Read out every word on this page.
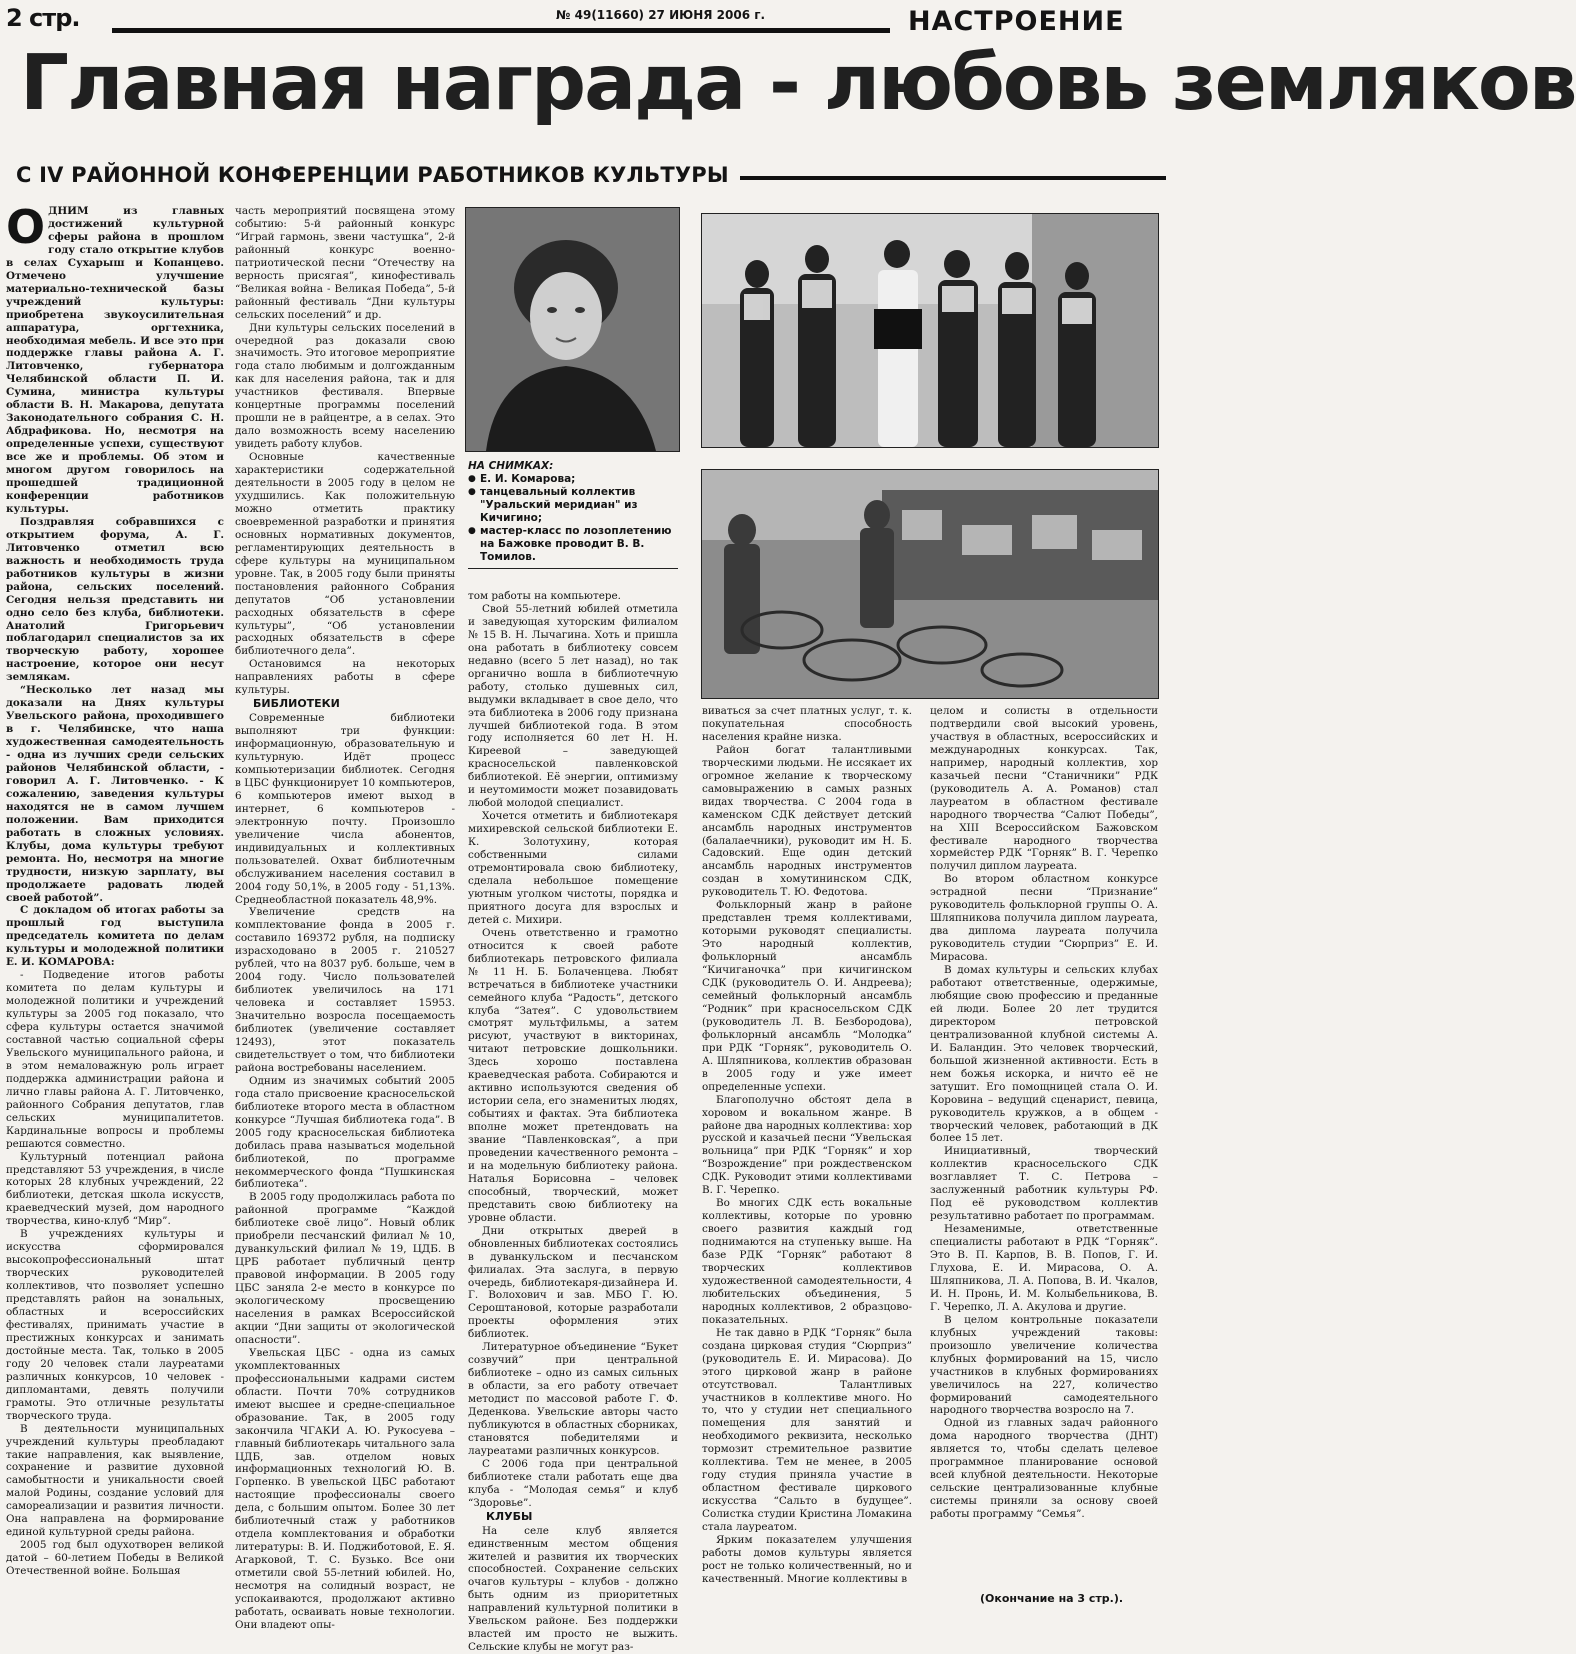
2 стр.	№ 49(11660) 27 ИЮНЯ 2006 г.	НАСТРОЕНИЕ
Главная награда - любовь земляков
С IV РАЙОННОЙ КОНФЕРЕНЦИИ РАБОТНИКОВ КУЛЬТУРЫ

ОДНИМ из главных достижений культурной сферы района в прошлом году стало открытие клубов в селах Сухарыш и Копанцево. Отмечено улучшение материально-технической базы учреждений культуры: приобретена звукоусилительная аппаратура, оргтехника, необходимая мебель. И все это при поддержке главы района А. Г. Литовченко, губернатора Челябинской области П. И. Сумина, министра культуры области В. Н. Макарова, депутата Законодательного собрания С. Н. Абдрафикова. Но, несмотря на определенные успехи, существуют все же и проблемы. Об этом и многом другом говорилось на прошедшей традиционной конференции работников культуры.

Поздравляя собравшихся с открытием форума, А. Г. Литовченко отметил всю важность и необходимость труда работников культуры в жизни района, сельских поселений. Сегодня нельзя представить ни одно село без клуба, библиотеки. Анатолий Григорьевич поблагодарил специалистов за их творческую работу, хорошее настроение, которое они несут землякам.

“Несколько лет назад мы доказали на Днях культуры Увельского района, проходившего в г. Челябинске, что наша художественная самодеятельность - одна из лучших среди сельских районов Челябинской области, - говорил А. Г. Литовченко. - К сожалению, заведения культуры находятся не в самом лучшем положении. Вам приходится работать в сложных условиях. Клубы, дома культуры требуют ремонта. Но, несмотря на многие трудности, низкую зарплату, вы продолжаете радовать людей своей работой”.

С докладом об итогах работы за прошлый год выступила председатель комитета по делам культуры и молодежной политики Е. И. КОМАРОВА:

- Подведение итогов работы комитета по делам культуры и молодежной политики и учреждений культуры за 2005 год показало, что сфера культуры остается значимой составной частью социальной сферы Увельского муниципального района, и в этом немаловажную роль играет поддержка администрации района и лично главы района А. Г. Литовченко, районного Собрания депутатов, глав сельских муниципалитетов. Кардинальные вопросы и проблемы решаются совместно.

Культурный потенциал района представляют 53 учреждения, в числе которых 28 клубных учреждений, 22 библиотеки, детская школа искусств, краеведческий музей, дом народного творчества, кино-клуб “Мир”.

В учреждениях культуры и искусства сформировался высокопрофессиональный штат творческих руководителей коллективов, что позволяет успешно представлять район на зональных, областных и всероссийских фестивалях, принимать участие в престижных конкурсах и занимать достойные места. Так, только в 2005 году 20 человек стали лауреатами различных конкурсов, 10 человек - дипломантами, девять получили грамоты. Это отличные результаты творческого труда.

В деятельности муниципальных учреждений культуры преобладают такие направления, как выявление, сохранение и развитие духовной самобытности и уникальности своей малой Родины, создание условий для самореализации и развития личности. Она направлена на формирование единой культурной среды района.

2005 год был одухотворен великой датой – 60-летием Победы в Великой Отечественной войне. Большая

часть мероприятий посвящена этому событию: 5-й районный конкурс “Играй гармонь, звени частушка”, 2-й районный конкурс военно-патриотической песни “Отечеству на верность присягая”, кинофестиваль “Великая война - Великая Победа”, 5-й районный фестиваль “Дни культуры сельских поселений” и др.

Дни культуры сельских поселений в очередной раз доказали свою значимость. Это итоговое мероприятие года стало любимым и долгожданным как для населения района, так и для участников фестиваля. Впервые концертные программы поселений прошли не в райцентре, а в селах. Это дало возможность всему населению увидеть работу клубов.

Основные качественные характеристики содержательной деятельности в 2005 году в целом не ухудшились. Как положительную можно отметить практику своевременной разработки и принятия основных нормативных документов, регламентирующих деятельность в сфере культуры на муниципальном уровне. Так, в 2005 году были приняты постановления районного Собрания депутатов “Об установлении расходных обязательств в сфере культуры”, “Об установлении расходных обязательств в сфере библиотечного дела”.

Остановимся на некоторых направлениях работы в сфере культуры.

БИБЛИОТЕКИ

Современные библиотеки выполняют три функции: информационную, образовательную и культурную. Идёт процесс компьютеризации библиотек. Сегодня в ЦБС функционирует 10 компьютеров, 6 компьютеров имеют выход в интернет, 6 компьютеров - электронную почту. Произошло увеличение числа абонентов, индивидуальных и коллективных пользователей. Охват библиотечным обслуживанием населения составил в 2004 году 50,1%, в 2005 году - 51,13%. Среднеобластной показатель 48,9%.

Увеличение средств на комплектование фонда в 2005 г. составило 169372 рубля, на подписку израсходовано в 2005 г. 210527 рублей, что на 8037 руб. больше, чем в 2004 году. Число пользователей библиотек увеличилось на 171 человека и составляет 15953. Значительно возросла посещаемость библиотек (увеличение составляет 12493), этот показатель свидетельствует о том, что библиотеки района востребованы населением.

Одним из значимых событий 2005 года стало присвоение красносельской библиотеке второго места в областном конкурсе “Лучшая библиотека года”. В 2005 году красносельская библиотека добилась права называться модельной библиотекой, по программе некоммерческого фонда “Пушкинская библиотека”.

В 2005 году продолжилась работа по районной программе “Каждой библиотеке своё лицо”. Новый облик приобрели песчанский филиал № 10, дуванкульский филиал № 19, ЦДБ. В ЦРБ работает публичный центр правовой информации. В 2005 году ЦБС заняла 2-е место в конкурсе по экологическому просвещению населения в рамках Всероссийской акции “Дни защиты от экологической опасности”.

Увельская ЦБС - одна из самых укомплектованных профессиональными кадрами систем области. Почти 70% сотрудников имеют высшее и средне-специальное образование. Так, в 2005 году закончила ЧГАКИ А. Ю. Рукосуева – главный библиотекарь читального зала ЦДБ, зав. отделом новых информационных технологий Ю. В. Горпенко. В увельской ЦБС работают настоящие профессионалы своего дела, с большим опытом. Более 30 лет библиотечный стаж у работников отдела комплектования и обработки литературы: В. И. Поджиботовой, Е. Я. Агарковой, Т. С. Бузько. Все они отметили свой 55-летний юбилей. Но, несмотря на солидный возраст, не успокаиваются, продолжают активно работать, осваивать новые технологии. Они владеют опы-

НА СНИМКАХ:
● Е. И. Комарова;
● танцевальный коллектив "Уральский меридиан" из Кичигино;
● мастер-класс по лозоплетению на Бажовке проводит В. В. Томилов.

том работы на компьютере.

Свой 55-летний юбилей отметила и заведующая хуторским филиалом № 15 В. Н. Лычагина. Хоть и пришла она работать в библиотеку совсем недавно (всего 5 лет назад), но так органично вошла в библиотечную работу, столько душевных сил, выдумки вкладывает в свое дело, что эта библиотека в 2006 году признана лучшей библиотекой года. В этом году исполняется 60 лет Н. Н. Киреевой – заведующей красносельской павленковской библиотекой. Её энергии, оптимизму и неутомимости может позавидовать любой молодой специалист.

Хочется отметить и библиотекаря михиревской сельской библиотеки Е. К. Золотухину, которая собственными силами отремонтировала свою библиотеку, сделала небольшое помещение уютным уголком чистоты, порядка и приятного досуга для взрослых и детей с. Михири.

Очень ответственно и грамотно относится к своей работе библиотекарь петровского филиала № 11 Н. Б. Болаченцева. Любят встречаться в библиотеке участники семейного клуба “Радость”, детского клуба “Затея”. С удовольствием смотрят мультфильмы, а затем рисуют, участвуют в викторинах, читают петровские дошкольники. Здесь хорошо поставлена краеведческая работа. Собираются и активно используются сведения об истории села, его знаменитых людях, событиях и фактах. Эта библиотека вполне может претендовать на звание “Павленковская”, а при проведении качественного ремонта – и на модельную библиотеку района. Наталья Борисовна – человек способный, творческий, может представить свою библиотеку на уровне области.

Дни открытых дверей в обновленных библиотеках состоялись в дуванкульском и песчанском филиалах. Эта заслуга, в первую очередь, библиотекаря-дизайнера И. Г. Волохович и зав. МБО Г. Ю. Сероштановой, которые разработали проекты оформления этих библиотек.

Литературное объединение “Букет созвучий” при центральной библиотеке – одно из самых сильных в области, за его работу отвечает методист по массовой работе Г. Ф. Деденкова. Увельские авторы часто публикуются в областных сборниках, становятся победителями и лауреатами различных конкурсов.

С 2006 года при центральной библиотеке стали работать еще два клуба - “Молодая семья” и клуб “Здоровье”.

КЛУБЫ

На селе клуб является единственным местом общения жителей и развития их творческих способностей. Сохранение сельских очагов культуры – клубов - должно быть одним из приоритетных направлений культурной политики в Увельском районе. Без поддержки властей им просто не выжить. Сельские клубы не могут раз-

виваться за счет платных услуг, т. к. покупательная способность населения крайне низка.

Район богат талантливыми творческими людьми. Не иссякает их огромное желание к творческому самовыражению в самых разных видах творчества. С 2004 года в каменском СДК действует детский ансамбль народных инструментов (балалаечники), руководит им Н. Б. Садовский. Еще один детский ансамбль народных инструментов создан в хомутининском СДК, руководитель Т. Ю. Федотова.

Фольклорный жанр в районе представлен тремя коллективами, которыми руководят специалисты. Это народный коллектив, фольклорный ансамбль “Кичиганочка” при кичигинском СДК (руководитель О. И. Андреева); семейный фольклорный ансамбль “Родник” при красносельском СДК (руководитель Л. В. Безбородова), фольклорный ансамбль “Молодка” при РДК “Горняк”, руководитель О. А. Шляпникова, коллектив образован в 2005 году и уже имеет определенные успехи.

Благополучно обстоят дела в хоровом и вокальном жанре. В районе два народных коллектива: хор русской и казачьей песни “Увельская вольница” при РДК “Горняк” и хор “Возрождение” при рождественском СДК. Руководит этими коллективами В. Г. Черепко.

Во многих СДК есть вокальные коллективы, которые по уровню своего развития каждый год поднимаются на ступеньку выше. На базе РДК “Горняк” работают 8 творческих коллективов художественной самодеятельности, 4 любительских объединения, 5 народных коллективов, 2 образцово-показательных.

Не так давно в РДК “Горняк” была создана цирковая студия “Сюрприз” (руководитель Е. И. Мирасова). До этого цирковой жанр в районе отсутствовал. Талантливых участников в коллективе много. Но то, что у студии нет специального помещения для занятий и необходимого реквизита, несколько тормозит стремительное развитие коллектива. Тем не менее, в 2005 году студия приняла участие в областном фестивале циркового искусства “Сальто в будущее”. Солистка студии Кристина Ломакина стала лауреатом.

Ярким показателем улучшения работы домов культуры является рост не только количественный, но и качественный. Многие коллективы в

целом и солисты в отдельности подтвердили свой высокий уровень, участвуя в областных, всероссийских и международных конкурсах. Так, например, народный коллектив, хор казачьей песни “Станичники” РДК (руководитель А. А. Романов) стал лауреатом в областном фестивале народного творчества “Салют Победы”, на XIII Всероссийском Бажовском фестивале народного творчества хормейстер РДК “Горняк” В. Г. Черепко получил диплом лауреата.

Во втором областном конкурсе эстрадной песни “Признание” руководитель фольклорной группы О. А. Шляпникова получила диплом лауреата, два диплома лауреата получила руководитель студии “Сюрприз” Е. И. Мирасова.

В домах культуры и сельских клубах работают ответственные, одержимые, любящие свою профессию и преданные ей люди. Более 20 лет трудится директором петровской централизованной клубной системы А. И. Баландин. Это человек творческий, большой жизненной активности. Есть в нем божья искорка, и ничто её не затушит. Его помощницей стала О. И. Коровина – ведущий сценарист, певица, руководитель кружков, а в общем - творческий человек, работающий в ДК более 15 лет.

Инициативный, творческий коллектив красносельского СДК возглавляет Т. С. Петрова – заслуженный работник культуры РФ. Под её руководством коллектив результативно работает по программам.

Незаменимые, ответственные специалисты работают в РДК “Горняк”. Это В. П. Карпов, В. В. Попов, Г. И. Глухова, Е. И. Мирасова, О. А. Шляпникова, Л. А. Попова, В. И. Чкалов, И. Н. Пронь, И. М. Колыбельникова, В. Г. Черепко, Л. А. Акулова и другие.

В целом контрольные показатели клубных учреждений таковы: произошло увеличение количества клубных формирований на 15, число участников в клубных формированиях увеличилось на 227, количество формирований самодеятельного народного творчества возросло на 7.

Одной из главных задач районного дома народного творчества (ДНТ) является то, чтобы сделать целевое программное планирование основой всей клубной деятельности. Некоторые сельские централизованные клубные системы приняли за основу своей работы программу “Семья”.

(Окончание на 3 стр.).
